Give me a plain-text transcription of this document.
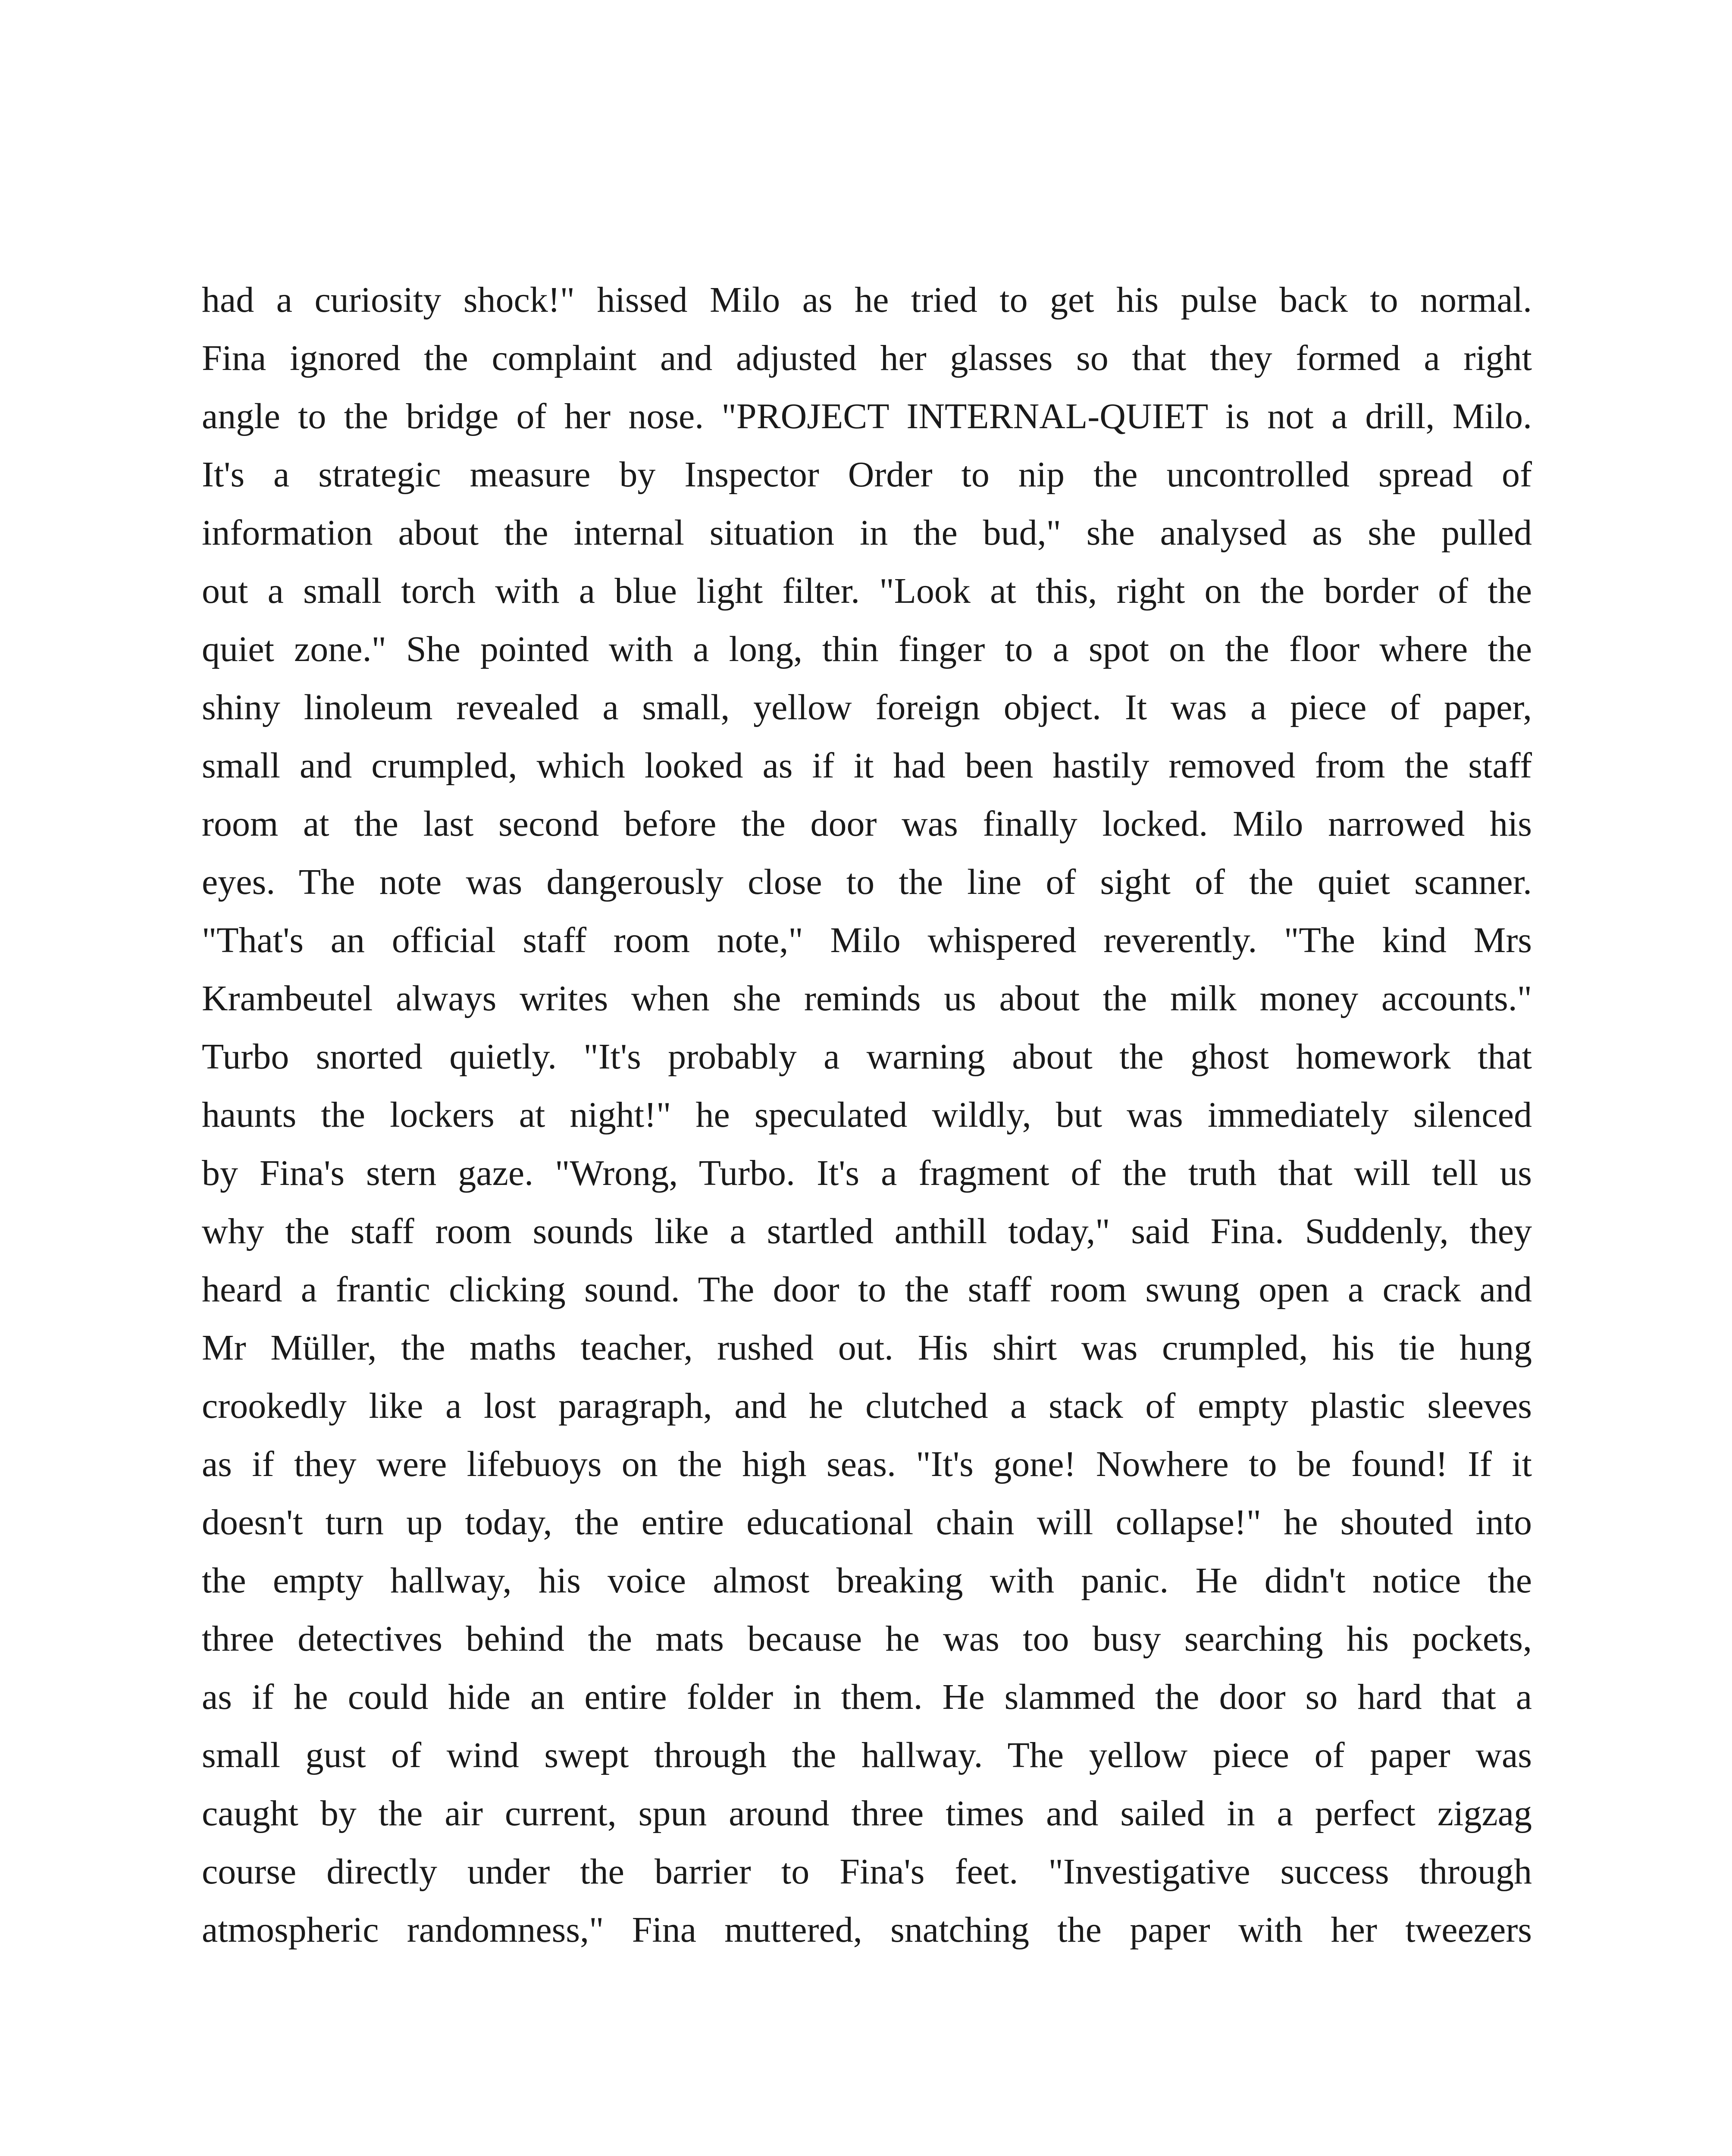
had a curiosity shock!" hissed Milo as he tried to get his pulse back to normal.
Fina ignored the complaint and adjusted her glasses so that they formed a right
angle to the bridge of her nose. "PROJECT INTERNAL-QUIET is not a drill, Milo.
It's a strategic measure by Inspector Order to nip the uncontrolled spread of
information about the internal situation in the bud," she analysed as she pulled
out a small torch with a blue light filter. "Look at this, right on the border of the
quiet zone." She pointed with a long, thin finger to a spot on the floor where the
shiny linoleum revealed a small, yellow foreign object. It was a piece of paper,
small and crumpled, which looked as if it had been hastily removed from the staff
room at the last second before the door was finally locked. Milo narrowed his
eyes. The note was dangerously close to the line of sight of the quiet scanner.
"That's an official staff room note," Milo whispered reverently. "The kind Mrs
Krambeutel always writes when she reminds us about the milk money accounts."
Turbo snorted quietly. "It's probably a warning about the ghost homework that
haunts the lockers at night!" he speculated wildly, but was immediately silenced
by Fina's stern gaze. "Wrong, Turbo. It's a fragment of the truth that will tell us
why the staff room sounds like a startled anthill today," said Fina. Suddenly, they
heard a frantic clicking sound. The door to the staff room swung open a crack and
Mr Müller, the maths teacher, rushed out. His shirt was crumpled, his tie hung
crookedly like a lost paragraph, and he clutched a stack of empty plastic sleeves
as if they were lifebuoys on the high seas. "It's gone! Nowhere to be found! If it
doesn't turn up today, the entire educational chain will collapse!" he shouted into
the empty hallway, his voice almost breaking with panic. He didn't notice the
three detectives behind the mats because he was too busy searching his pockets,
as if he could hide an entire folder in them. He slammed the door so hard that a
small gust of wind swept through the hallway. The yellow piece of paper was
caught by the air current, spun around three times and sailed in a perfect zigzag
course directly under the barrier to Fina's feet. "Investigative success through
atmospheric randomness," Fina muttered, snatching the paper with her tweezers
